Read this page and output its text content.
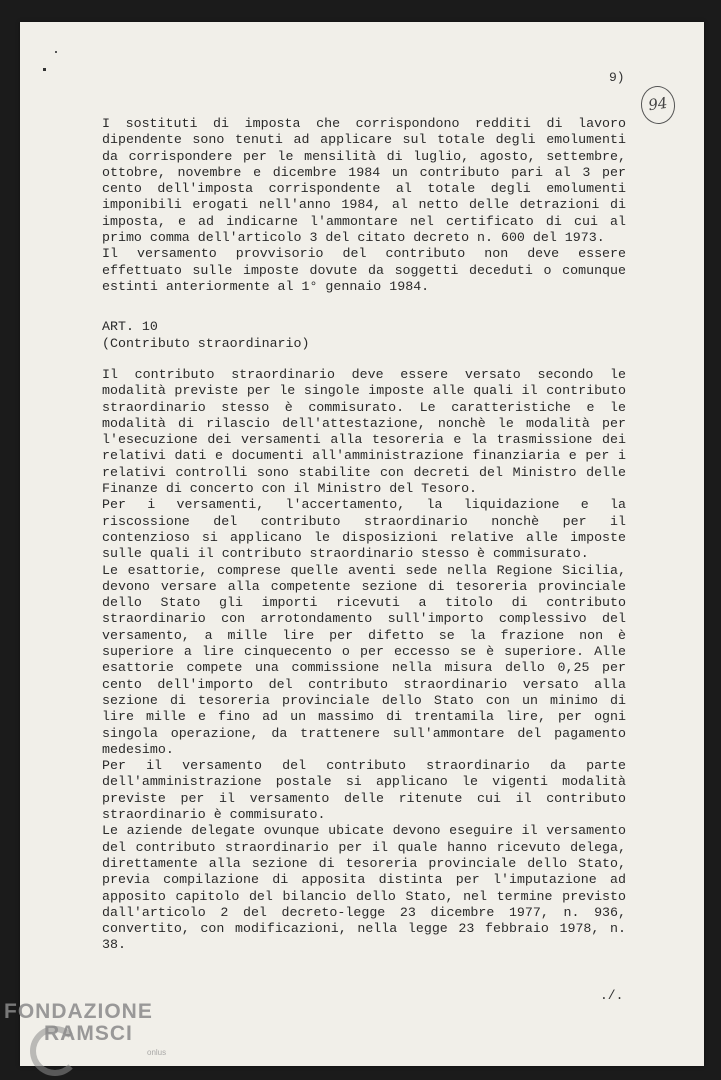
9)
94

I sostituti di imposta che corrispondono redditi di lavoro dipendente sono tenuti ad applicare sul totale degli emolumenti da corrispondere per le mensilità di luglio, agosto, settembre, ottobre, novembre e dicembre 1984 un contributo pari al 3 per cento dell'imposta corrispondente al totale degli emolumenti imponibili erogati nell'anno 1984, al netto delle detrazioni di imposta, e ad indicarne l'ammontare nel certificato di cui al primo comma dell'articolo 3 del citato decreto n. 600 del 1973.

Il versamento provvisorio del contributo non deve essere effettuato sulle imposte dovute da soggetti deceduti o comunque estinti anteriormente al 1° gennaio 1984.

ART. 10

(Contributo straordinario)

Il contributo straordinario deve essere versato secondo le modalità previste per le singole imposte alle quali il contributo straordinario stesso è commisurato. Le caratteristiche e le modalità di rilascio dell'attestazione, nonchè le modalità per l'esecuzione dei versamenti alla tesoreria e la trasmissione dei relativi dati e documenti all'amministrazione finanziaria e per i relativi controlli sono stabilite con decreti del Ministro delle Finanze di concerto con il Ministro del Tesoro.

Per i versamenti, l'accertamento, la liquidazione e la riscossione del contributo straordinario nonchè per il contenzioso si applicano le disposizioni relative alle imposte sulle quali il contributo straordinario stesso è commisurato.

Le esattorie, comprese quelle aventi sede nella Regione Sicilia, devono versare alla competente sezione di tesoreria provinciale dello Stato gli importi ricevuti a titolo di contributo straordinario con arrotondamento sull'importo complessivo del versamento, a mille lire per difetto se la frazione non è superiore a lire cinquecento o per eccesso se è superiore. Alle esattorie compete una commissione nella misura dello 0,25 per cento dell'importo del contributo straordinario versato alla sezione di tesoreria provinciale dello Stato con un minimo di lire mille e fino ad un massimo di trentamila lire, per ogni singola operazione, da trattenere sull'ammontare del pagamento medesimo.

Per il versamento del contributo straordinario da parte dell'amministrazione postale si applicano le vigenti modalità previste per il versamento delle ritenute cui il contributo straordinario è commisurato.

Le aziende delegate ovunque ubicate devono eseguire il versamento del contributo straordinario per il quale hanno ricevuto delega, direttamente alla sezione di tesoreria provinciale dello Stato, previa compilazione di apposita distinta per l'imputazione ad apposito capitolo del bilancio dello Stato, nel termine previsto dall'articolo 2 del decreto-legge 23 dicembre 1977, n. 936, convertito, con modificazioni, nella legge 23 febbraio 1978, n. 38.

./.
FONDAZIONE
RAMSCI
onlus
